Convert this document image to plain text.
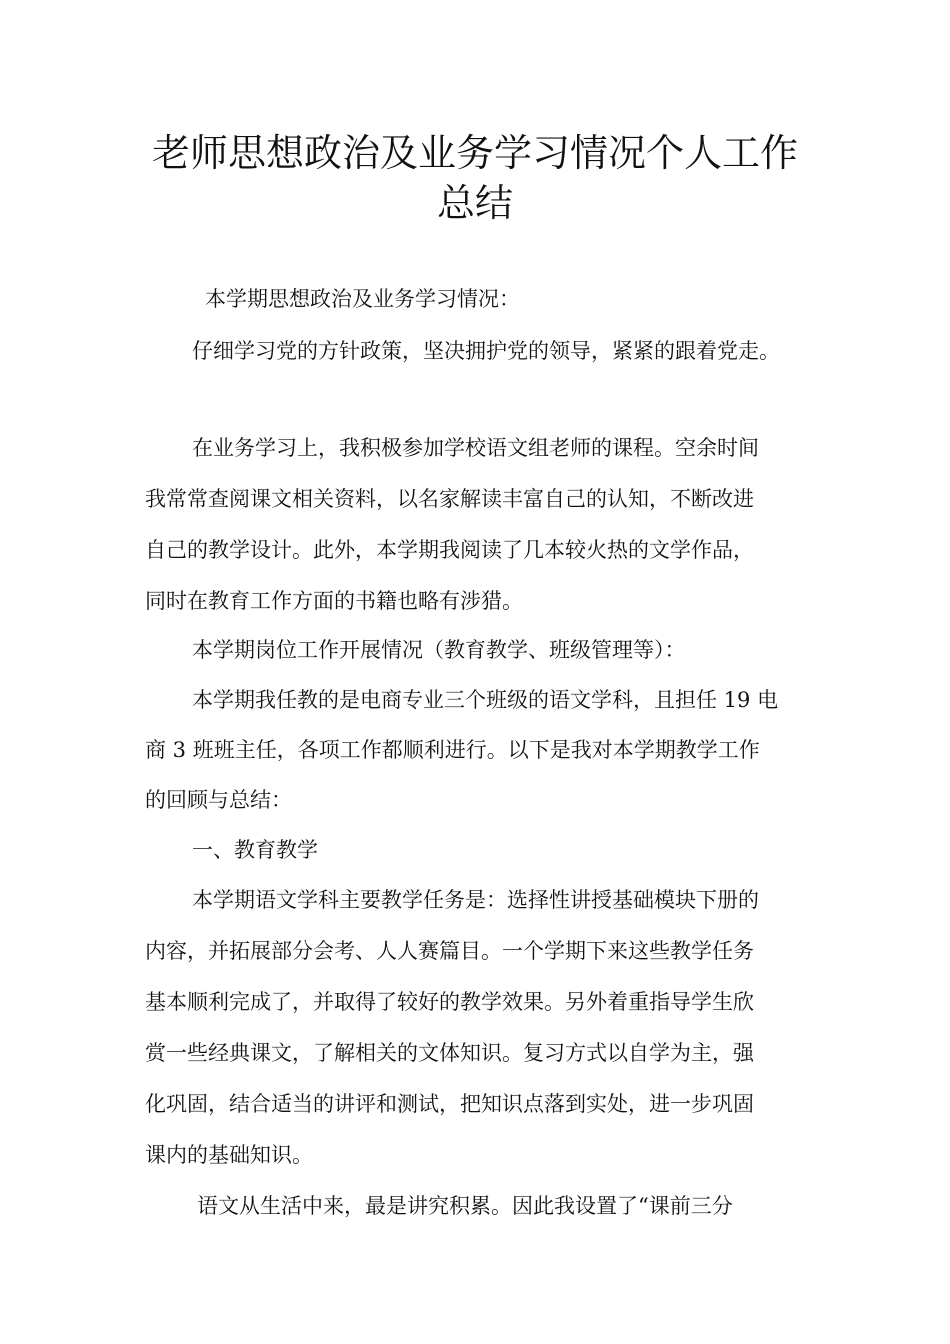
老师思想政治及业务学习情况个人工作
总结

本学期思想政治及业务学习情况：

仔细学习党的方针政策，坚决拥护党的领导，紧紧的跟着党走。

在业务学习上，我积极参加学校语文组老师的课程。空余时间

我常常查阅课文相关资料，以名家解读丰富自己的认知，不断改进

自己的教学设计。此外，本学期我阅读了几本较火热的文学作品，

同时在教育工作方面的书籍也略有涉猎。

本学期岗位工作开展情况（教育教学、班级管理等）：

本学期我任教的是电商专业三个班级的语文学科，且担任 19 电

商 3 班班主任，各项工作都顺利进行。以下是我对本学期教学工作

的回顾与总结：

一、教育教学

本学期语文学科主要教学任务是：选择性讲授基础模块下册的

内容，并拓展部分会考、人人赛篇目。一个学期下来这些教学任务

基本顺利完成了，并取得了较好的教学效果。另外着重指导学生欣

赏一些经典课文，了解相关的文体知识。复习方式以自学为主，强

化巩固，结合适当的讲评和测试，把知识点落到实处，进一步巩固

课内的基础知识。

语文从生活中来，最是讲究积累。因此我设置了“课前三分
